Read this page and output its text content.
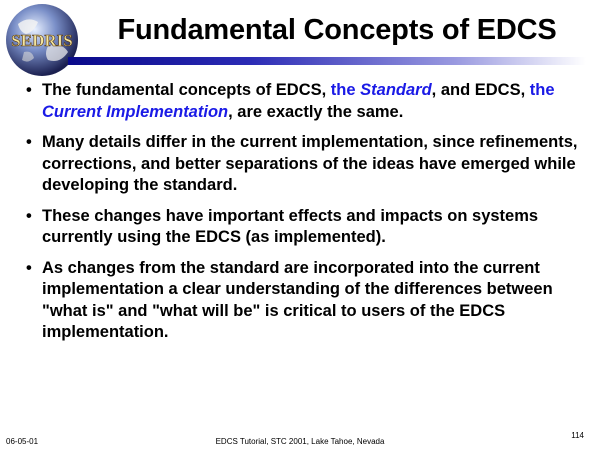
SEDRIS	Fundamental Concepts of EDCS
• The fundamental concepts of EDCS, the Standard, and EDCS, the Current Implementation, are exactly the same.
• Many details differ in the current implementation, since refinements, corrections, and better separations of the ideas have emerged while developing the standard.
• These changes have important effects and impacts on systems currently using the EDCS (as implemented).
• As changes from the standard are incorporated into the current implementation a clear understanding of the differences between "what is" and "what will be" is critical to users of the EDCS implementation.
06-05-01	EDCS Tutorial, STC 2001, Lake Tahoe, Nevada
114
